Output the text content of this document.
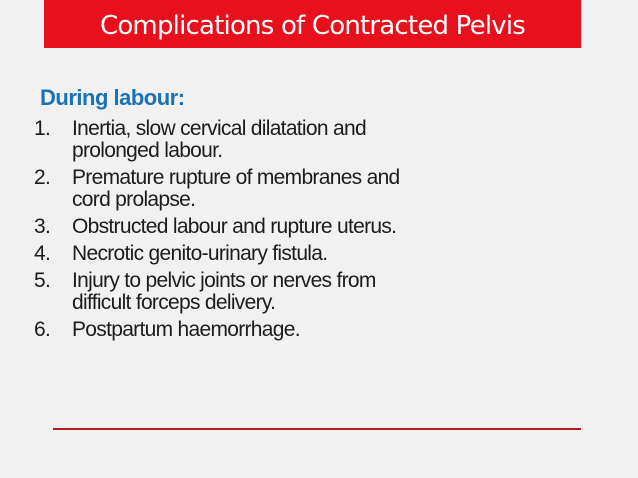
Complications of Contracted Pelvis
During labour:
1.	Inertia, slow cervical dilatation and
prolonged labour.
2.	Premature rupture of membranes and
cord prolapse.
3.	Obstructed labour and rupture uterus.
4.	Necrotic genito-urinary fistula.
5.	Injury to pelvic joints or nerves from
difficult forceps delivery.
6.	Postpartum haemorrhage.
